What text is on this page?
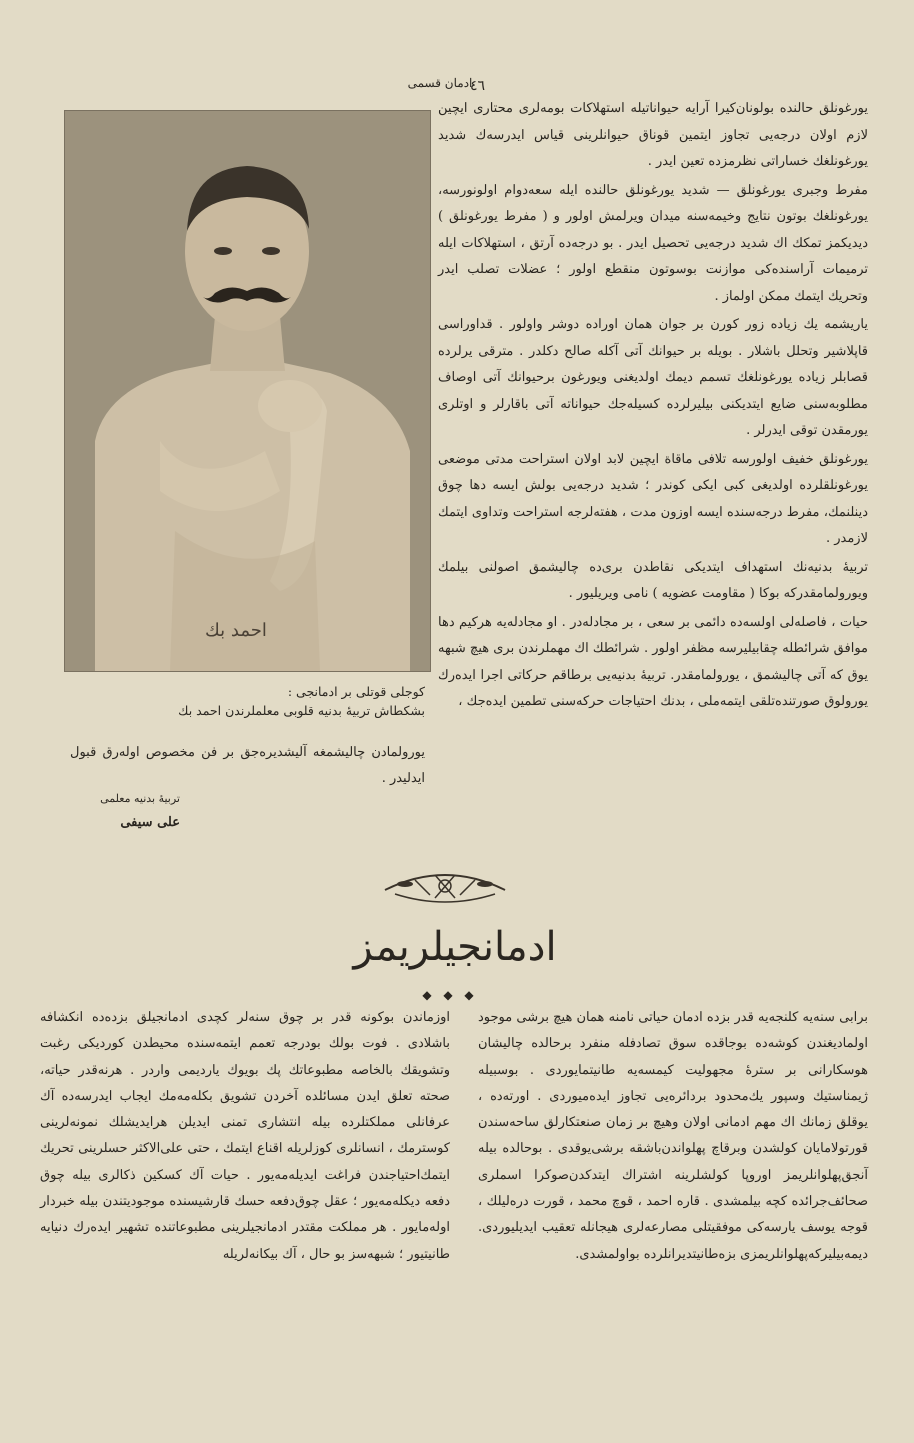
ادمان قسمی
٤٦
احمد بك
كوجلى قوتلى بر ادمانجى :
بشكطاش تربيهٔ بدنيه قلوبى معلملرندن احمد بك
يورولمادن چالیشمغه آلیشدیره‌جق بر فن مخصوص اولەرق قبول ایدلیدر .
تربيهٔ بدنيه معلمى
على سيفى

یورغونلق حالنده بولونان‌کیرا آرایه حیواناتیله استهلاکات بومەلری محتاری ایچین لازم اولان درجه‌یی تجاوز ایتمین قوناق حیوانلرینی قیاس ایدرسەك شدید یورغونلغك خساراتی نظرمزده تعین ایدر .

مفرط وجبری یورغونلق — شدید یورغونلق حالنده ایله سعه‌دوام اولونورسه، یورغونلغك بوتون نتایج وخیمه‌سنه میدان ویرلمش اولور و ( مفرط یورغونلق ) دیدیکمز تمکك اك شدید درجه‌یی تحصیل ایدر . بو درجه‌ده آرتق ، استهلاکات ایله ترمیمات آراسنده‌کی موازنت بوسوتون منقطع اولور ؛ عضلات تصلب ایدر وتحریك ایتمك ممکن اولماز .

یاریشمه یك زیاده زور کورن بر جوان همان اوراده دوشر واولور . قداوراسی قاپلاشیر وتحلل باشلار . بویله بر حیوانك آتی آکله صالح دکلدر . مترقی یرلرده قصابلر زیاده یورغونلغك تسمم دیمك اولدیغنی ویورغون برحیوانك آتی اوصاف مطلوبه‌سنی ضایع ایتدیکنی بیلیرلرده کسیله‌جك حیواناته‌ آتی باقارلر و اوتلری یورمقدن توقی ایدرلر .

یورغونلق خفیف اولورسه تلافی ماقاة ایچین لابد اولان استراحت مدتی موضعی یورغونلقلرده اولدیغی کبی ایکی کوندر ؛ شدید درجه‌یی بولش ایسه دها چوق دینلنمك، مفرط درجه‌سنده ایسه اوزون مدت ، هفته‌لرجه استراحت وتداوی ایتمك لازمدر .

تربيهٔ بدنيه‌نك استهداف ایتدیکی نقاطدن بری‌ده چالیشمق اصولنی بیلمك ویورولمامقدرکه بوکا ( مقاومت عضویه ) نامی ویریلیور .

حیات ، فاصله‌لی اولسه‌ده دائمی بر سعی ، بر مجادله‌در . او مجادله‌یه هرکیم دها موافق شرائطله چقابیلیرسه مظفر اولور . شرائطك اك مهملرندن بری هیچ شبهه یوق که آتی چالیشمق ، یورولمامقدر. تربیهٔ بدنیه‌یی برطاقم حرکاتی اجرا ایدەرك یورولوق صورتنده‌تلقی ایتمه‌ملی ، بدنك احتیاجات حرکه‌سنی تطمین ایده‌جك ،

ادمانجیلریمز
◆ ◆ ◆

برابی سنه‌یه کلنجه‌یه قدر بزده ادمان حیاتی نامنه همان هیچ برشی موجود اولمادیغندن کوشه‌ده بوجاقده سوق تصادفله منفرد برحالده چالیشان هوسکارانی بر سترهٔ مجهولیت کیمسه‌یه طانیتمایوردی . بوسبیله ژیمناستیك وسپور یك‌محدود بردائره‌یی تجاوز ایده‌میوردی . اورته‌ده ، یوقلق زمانك اك مهم ادمانی اولان وهیچ بر زمان صنعتکارلق ساحه‌سندن قورتولامایان کولشدن وبرقاچ پهلواندن‌باشقه برشی‌یوقدی . بوحالده بیله آنجق‌پهلوانلریمز اوروپا کولشلرینه اشتراك ایتدکدن‌صوکرا اسملری صحائف‌جرائده کچه بیلمشدی . قاره احمد ، قوچ محمد ، قورت درەلیلك ، قوجه یوسف یارسەکی موفقیتلی مصارعه‌لری هیجانله تعقیب ایدیلیوردی. دیمەبیلیرکه‌پهلوانلریمزی بزه‌طانیتدیرانلرده بواولمشدی.

اوزماندن بوکونه قدر بر چوق سنه‌لر کچدی ادمانجیلق بزده‌ده انکشافه باشلادی . فوت بولك بودرجه تعمم ایتمه‌سنده محیطدن کوردیکی رغبت وتشویقك بالخاصه مطبوعاتك پك بویوك یاردیمی واردر . هرنه‌قدر حیاته، صحته تعلق ایدن مسائلده آخردن تشویق بکله‌مه‌مك ایجاب ایدرسه‌ده آك عرفانلی مملکتلرده بیله انتشاری تمنی ایدیلن هرایدیشلك نمونه‌لرینی کوسترمك ، انسانلری کوزلریله اقناع ایتمك ، حتی علی‌الاکثر حسلرینی تحریك ایتمك‌احتیاجندن فراغت ایدیله‌مه‌یور . حیات آك کسکین ذکالری بیله چوق دفعه دیکله‌مه‌یور ؛ عقل چوق‌دفعه حسك قارشیسنده موجودیتندن بیله خبردار اوله‌مایور . هر مملکت مقتدر ادمانجیلرینی مطبوعاتنده تشهیر ایدەرك دنیایه طانیتیور ؛ شبهه‌سز بو حال ، آك بیکانه‌لریله
